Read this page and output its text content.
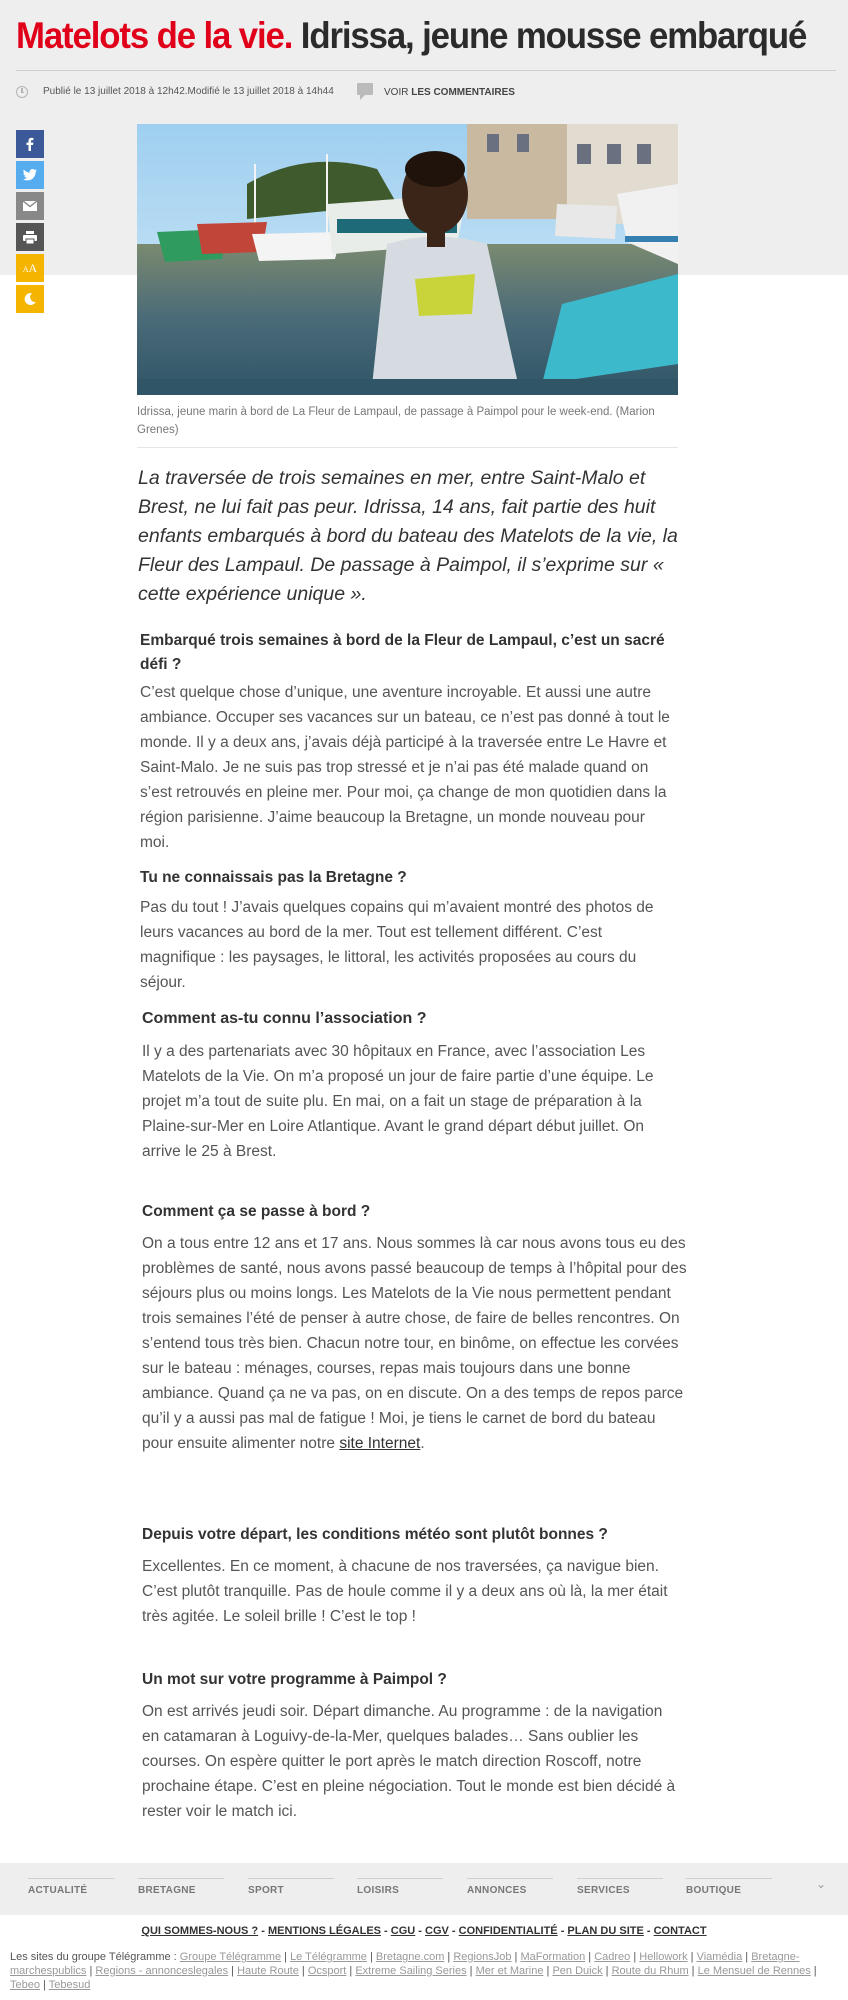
Matelots de la vie. Idrissa, jeune mousse embarqué
Publié le 13 juillet 2018 à 12h42.Modifié le 13 juillet 2018 à 14h44	VOIR LES COMMENTAIRES
AA
Idrissa, jeune marin à bord de La Fleur de Lampaul, de passage à Paimpol pour le week-end. (Marion Grenes)

La traversée de trois semaines en mer, entre Saint-Malo et Brest, ne lui fait pas peur. Idrissa, 14 ans, fait partie des huit enfants embarqués à bord du bateau des Matelots de la vie, la Fleur des Lampaul. De passage à Paimpol, il s’exprime sur « cette expérience unique ».

Embarqué trois semaines à bord de la Fleur de Lampaul, c’est un sacré défi ?

C’est quelque chose d’unique, une aventure incroyable. Et aussi une autre ambiance. Occuper ses vacances sur un bateau, ce n’est pas donné à tout le monde. Il y a deux ans, j’avais déjà participé à la traversée entre Le Havre et Saint-Malo. Je ne suis pas trop stressé et je n’ai pas été malade quand on s’est retrouvés en pleine mer. Pour moi, ça change de mon quotidien dans la région parisienne. J’aime beaucoup la Bretagne, un monde nouveau pour moi.

Tu ne connaissais pas la Bretagne ?

Pas du tout ! J’avais quelques copains qui m’avaient montré des photos de leurs vacances au bord de la mer. Tout est tellement différent. C’est magnifique : les paysages, le littoral, les activités proposées au cours du séjour.

Comment as-tu connu l’association ?

Il y a des partenariats avec 30 hôpitaux en France, avec l’association Les Matelots de la Vie. On m’a proposé un jour de faire partie d’une équipe. Le projet m’a tout de suite plu. En mai, on a fait un stage de préparation à la Plaine-sur-Mer en Loire Atlantique. Avant le grand départ début juillet. On arrive le 25 à Brest.

Comment ça se passe à bord ?

On a tous entre 12 ans et 17 ans. Nous sommes là car nous avons tous eu des problèmes de santé, nous avons passé beaucoup de temps à l’hôpital pour des séjours plus ou moins longs. Les Matelots de la Vie nous permettent pendant trois semaines l’été de penser à autre chose, de faire de belles rencontres. On s’entend tous très bien. Chacun notre tour, en binôme, on effectue les corvées sur le bateau : ménages, courses, repas mais toujours dans une bonne ambiance. Quand ça ne va pas, on en discute. On a des temps de repos parce qu’il y a aussi pas mal de fatigue ! Moi, je tiens le carnet de bord du bateau pour ensuite alimenter notre site Internet.

Depuis votre départ, les conditions météo sont plutôt bonnes ?

Excellentes. En ce moment, à chacune de nos traversées, ça navigue bien. C’est plutôt tranquille. Pas de houle comme il y a deux ans où là, la mer était très agitée. Le soleil brille ! C’est le top !

Un mot sur votre programme à Paimpol ?

On est arrivés jeudi soir. Départ dimanche. Au programme : de la navigation en catamaran à Loguivy-de-la-Mer, quelques balades… Sans oublier les courses. On espère quitter le port après le match direction Roscoff, notre prochaine étape. C’est en pleine négociation. Tout le monde est bien décidé à rester voir le match ici.

ACTUALITÉ	BRETAGNE	SPORT	LOISIRS	ANNONCES	SERVICES	BOUTIQUE	⌄
QUI SOMMES-NOUS ? - MENTIONS LÉGALES - CGU - CGV - CONFIDENTIALITÉ - PLAN DU SITE - CONTACT
Les sites du groupe Télégramme : Groupe Télégramme | Le Télégramme | Bretagne.com | RegionsJob | MaFormation | Cadreo | Hellowork | Viamédia | Bretagne-marchespublics | Regions - annonceslegales | Haute Route | Ocsport | Extreme Sailing Series | Mer et Marine | Pen Duick | Route du Rhum | Le Mensuel de Rennes | Tebeo | Tebesud
